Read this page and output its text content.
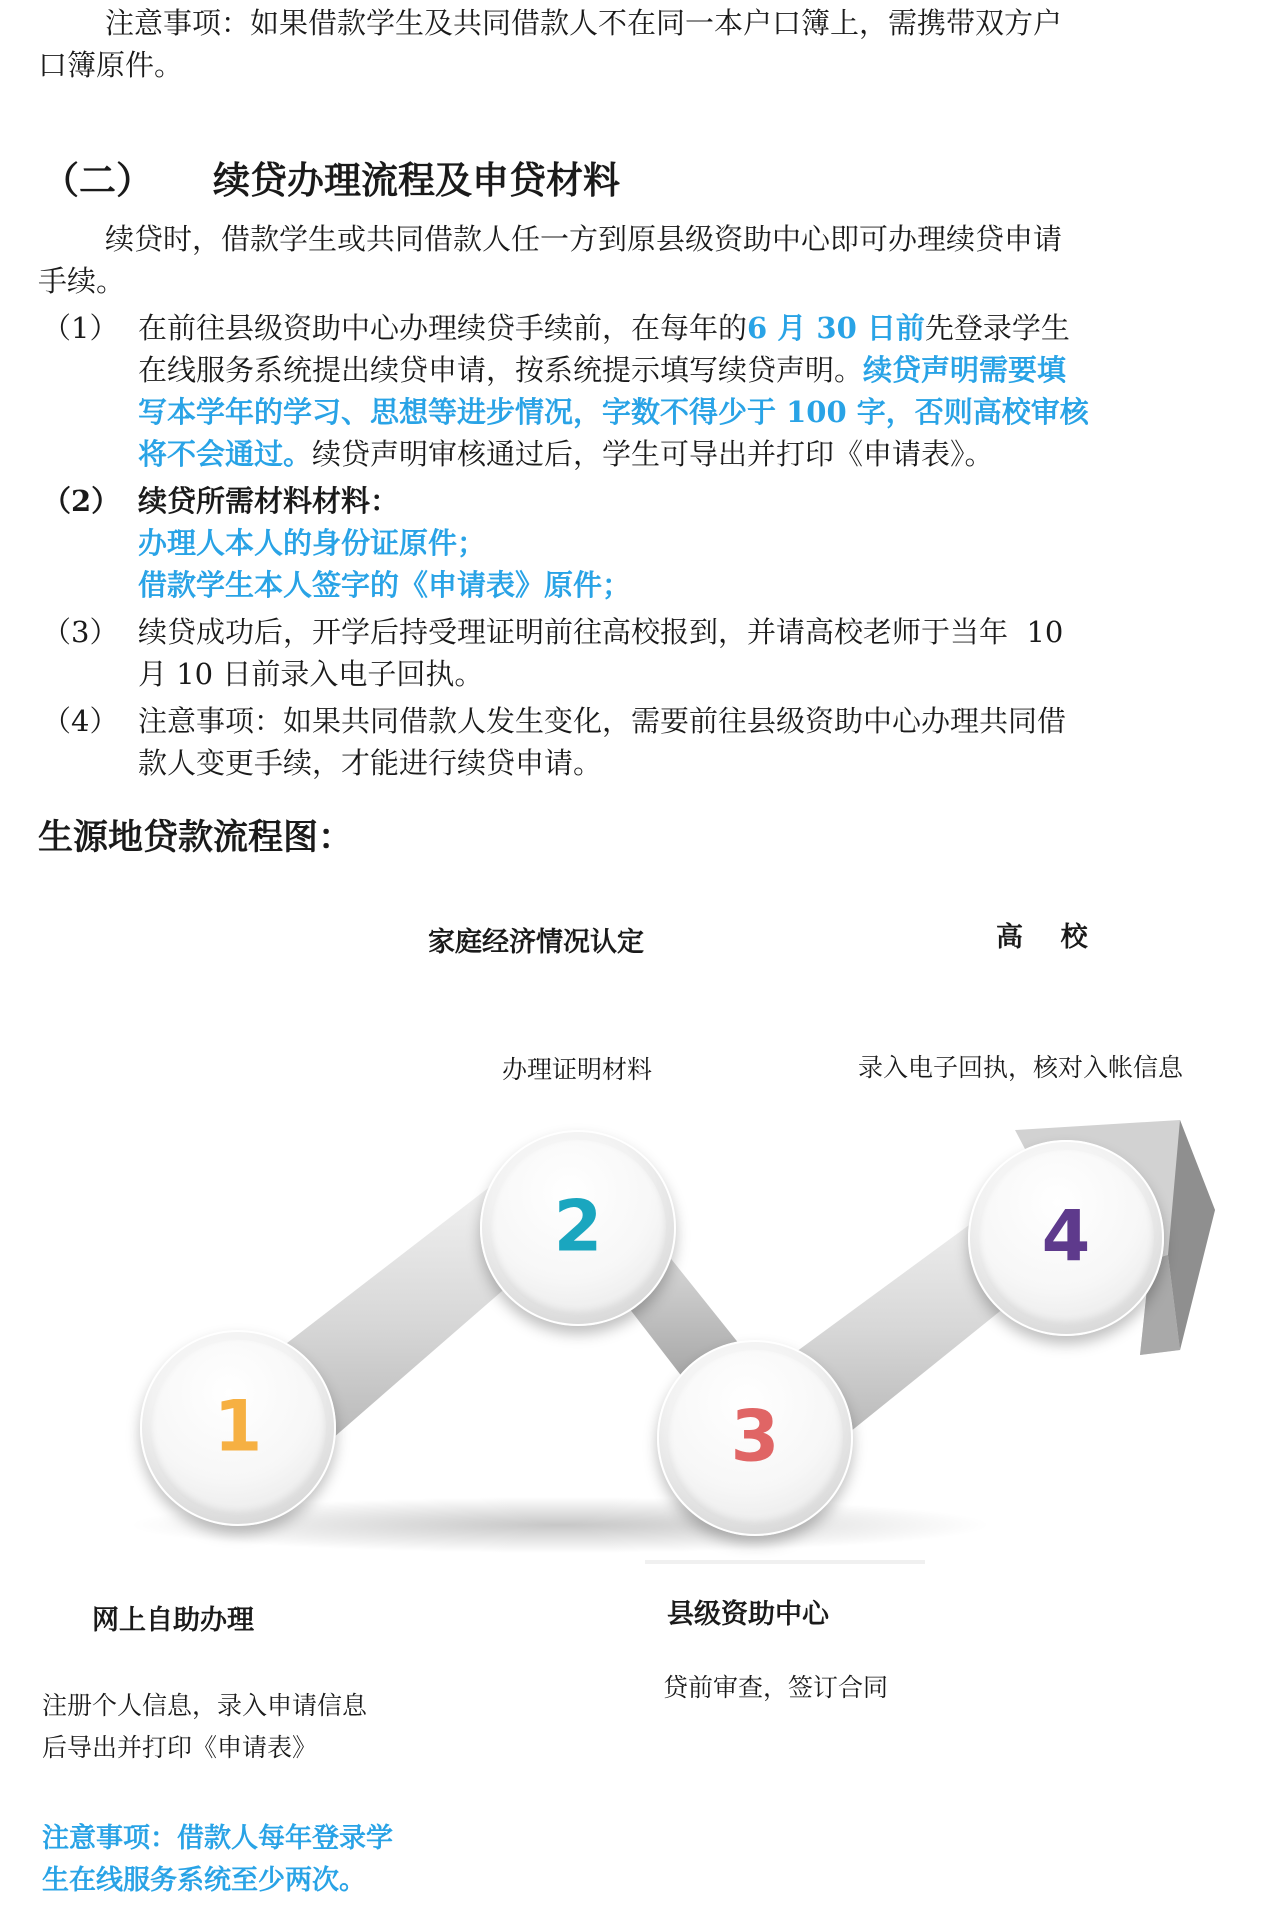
注意事项：如果借款学生及共同借款人不在同一本户口簿上，需携带双方户
口簿原件。
（二） 续贷办理流程及申贷材料
续贷时，借款学生或共同借款人任一方到原县级资助中心即可办理续贷申请
手续。
（1） 在前往县级资助中心办理续贷手续前，在每年的6 月 30 日前先登录学生
在线服务系统提出续贷申请，按系统提示填写续贷声明。续贷声明需要填
写本学年的学习、思想等进步情况，字数不得少于 100 字，否则高校审核
将不会通过。续贷声明审核通过后，学生可导出并打印《申请表》。
（2） 续贷所需材料材料：
办理人本人的身份证原件；
借款学生本人签字的《申请表》原件；
（3） 续贷成功后，开学后持受理证明前往高校报到，并请高校老师于当年  10
月 10 日前录入电子回执。
（4） 注意事项：如果共同借款人发生变化，需要前往县级资助中心办理共同借
款人变更手续，才能进行续贷申请。
生源地贷款流程图：
家庭经济情况认定	高    校
办理证明材料	录入电子回执，核对入帐信息
1
2
3
4
网上自助办理	县级资助中心
注册个人信息，录入申请信息
后导出并打印《申请表》
贷前审查，签订合同
注意事项：借款人每年登录学
生在线服务系统至少两次。
